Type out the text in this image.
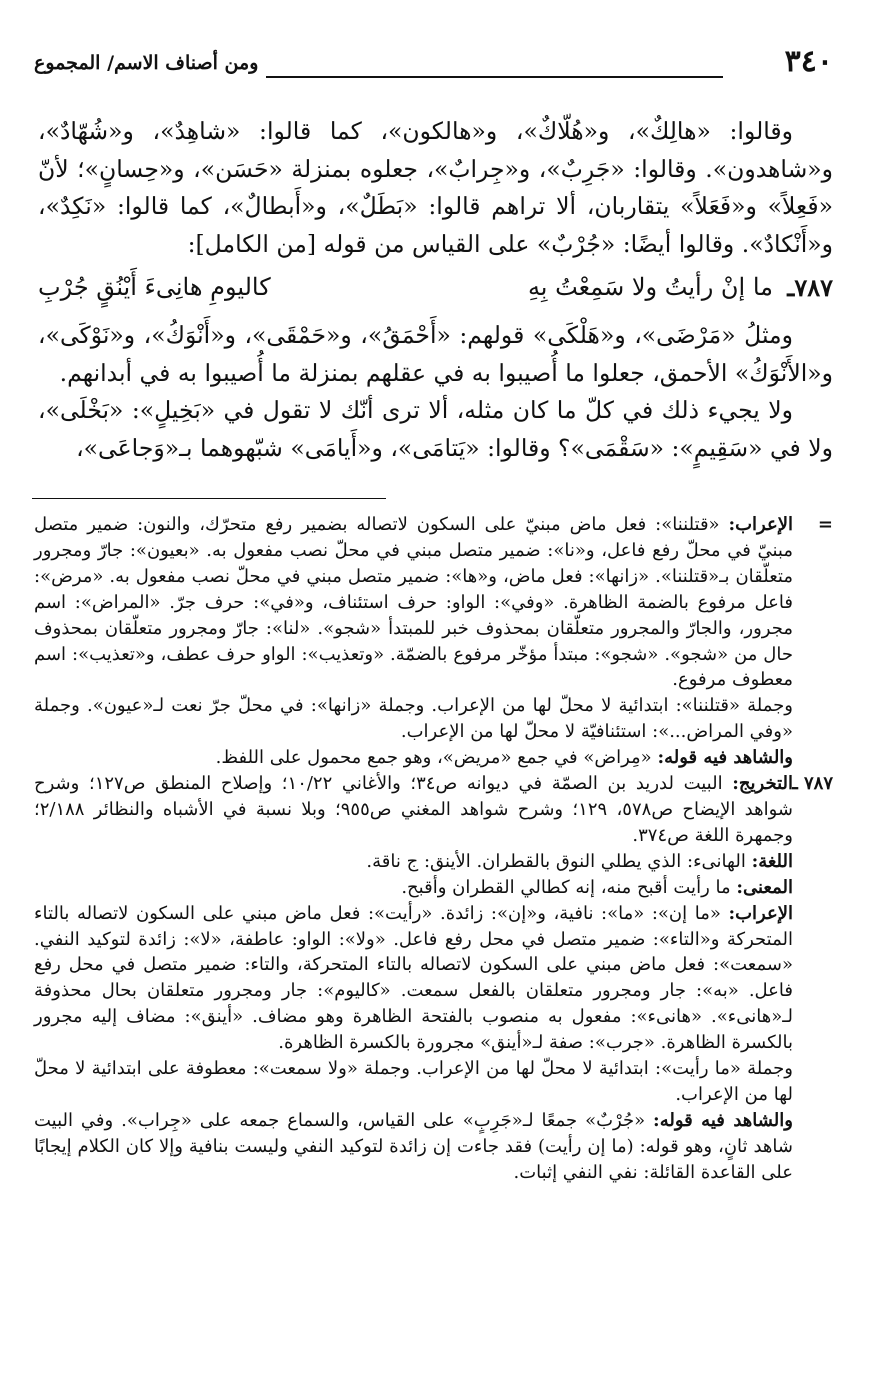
٣٤٠
ومن أصناف الاسم/ المجموع

وقالوا: «هالِكٌ»، و«هُلّاكٌ»، و«هالكون»، كما قالوا: «شاهِدٌ»، و«شُهّادٌ»، و«شاهدون». وقالوا: «جَرِبٌ»، و«جِرابٌ»، جعلوه بمنزلة «حَسَن»، و«حِسانٍ»؛ لأنّ «فَعِلاً» و«فَعَلاً» يتقاربان، ألا تراهم قالوا: «بَطَلٌ»، و«أَبطالٌ»، كما قالوا: «نَكِدٌ»، و«أَنْكادٌ». وقالوا أيضًا: «جُرْبٌ» على القياس من قوله [من الكامل]:

٧٨٧ـ
ما إنْ رأيتُ ولا سَمِعْتُ بِهِ
كاليومِ هانِىءَ أَيْنُقٍ جُرْبِ

ومثلُ «مَرْضَى»، و«هَلْكَى» قولهم: «أَحْمَقُ»، و«حَمْقَى»، و«أَنْوَكُ»، و«نَوْكَى»، و«الأَنْوَكُ» الأحمق، جعلوا ما أُصيبوا به في عقلهم بمنزلة ما أُصيبوا به في أبدانهم.

ولا يجيء ذلك في كلّ ما كان مثله، ألا ترى أنّك لا تقول في «بَخِيلٍ»: «بَخْلَى»، ولا في «سَقِيمٍ»: «سَقْمَى»؟ وقالوا: «يَتامَى»، و«أَيامَى» شبّهوهما بـ«وَجاعَى»،

=
الإعراب: «قتلننا»: فعل ماض مبنيّ على السكون لاتصاله بضمير رفع متحرّك، والنون: ضمير متصل مبنيّ في محلّ رفع فاعل، و«نا»: ضمير متصل مبني في محلّ نصب مفعول به. «بعيون»: جارّ ومجرور متعلّقان بـ«قتلننا». «زانها»: فعل ماض، و«ها»: ضمير متصل مبني في محلّ نصب مفعول به. «مرض»: فاعل مرفوع بالضمة الظاهرة. «وفي»: الواو: حرف استئناف، و«في»: حرف جرّ. «المراض»: اسم مجرور، والجارّ والمجرور متعلّقان بمحذوف خبر للمبتدأ «شجو». «لنا»: جارّ ومجرور متعلّقان بمحذوف حال من «شجو». «شجو»: مبتدأ مؤخّر مرفوع بالضمّة. «وتعذيب»: الواو حرف عطف، و«تعذيب»: اسم معطوف مرفوع.

وجملة «قتلننا»: ابتدائية لا محلّ لها من الإعراب. وجملة «زانها»: في محلّ جرّ نعت لـ«عيون». وجملة «وفي المراض...»: استئنافيّة لا محلّ لها من الإعراب.

والشاهد فيه قوله: «مِراض» في جمع «مريض»، وهو جمع محمول على اللفظ.

٧٨٧ ـ
التخريج: البيت لدريد بن الصمّة في ديوانه ص٣٤؛ والأغاني ١٠/٢٢؛ وإصلاح المنطق ص١٢٧؛ وشرح شواهد الإيضاح ص٥٧٨، ١٢٩؛ وشرح شواهد المغني ص٩٥٥؛ وبلا نسبة في الأشباه والنظائر ٢/١٨٨؛ وجمهرة اللغة ص٣٧٤.

اللغة: الهانىء: الذي يطلي النوق بالقطران. الأينق: ج ناقة.

المعنى: ما رأيت أقبح منه، إنه كطالي القطران وأقبح.

الإعراب: «ما إن»: «ما»: نافية، و«إن»: زائدة. «رأيت»: فعل ماض مبني على السكون لاتصاله بالتاء المتحركة و«التاء»: ضمير متصل في محل رفع فاعل. «ولا»: الواو: عاطفة، «لا»: زائدة لتوكيد النفي. «سمعت»: فعل ماض مبني على السكون لاتصاله بالتاء المتحركة، والتاء: ضمير متصل في محل رفع فاعل. «به»: جار ومجرور متعلقان بالفعل سمعت. «كاليوم»: جار ومجرور متعلقان بحال محذوفة لـ«هانىء». «هانىء»: مفعول به منصوب بالفتحة الظاهرة وهو مضاف. «أينق»: مضاف إليه مجرور بالكسرة الظاهرة. «جرب»: صفة لـ«أينق» مجرورة بالكسرة الظاهرة.

وجملة «ما رأيت»: ابتدائية لا محلّ لها من الإعراب. وجملة «ولا سمعت»: معطوفة على ابتدائية لا محلّ لها من الإعراب.

والشاهد فيه قوله: «جُرْبٌ» جمعًا لـ«جَرِبٍ» على القياس، والسماع جمعه على «جِراب». وفي البيت شاهد ثانٍ، وهو قوله: (ما إن رأيت) فقد جاءت إن زائدة لتوكيد النفي وليست بنافية وإلا كان الكلام إيجابًا على القاعدة القائلة: نفي النفي إثبات.
